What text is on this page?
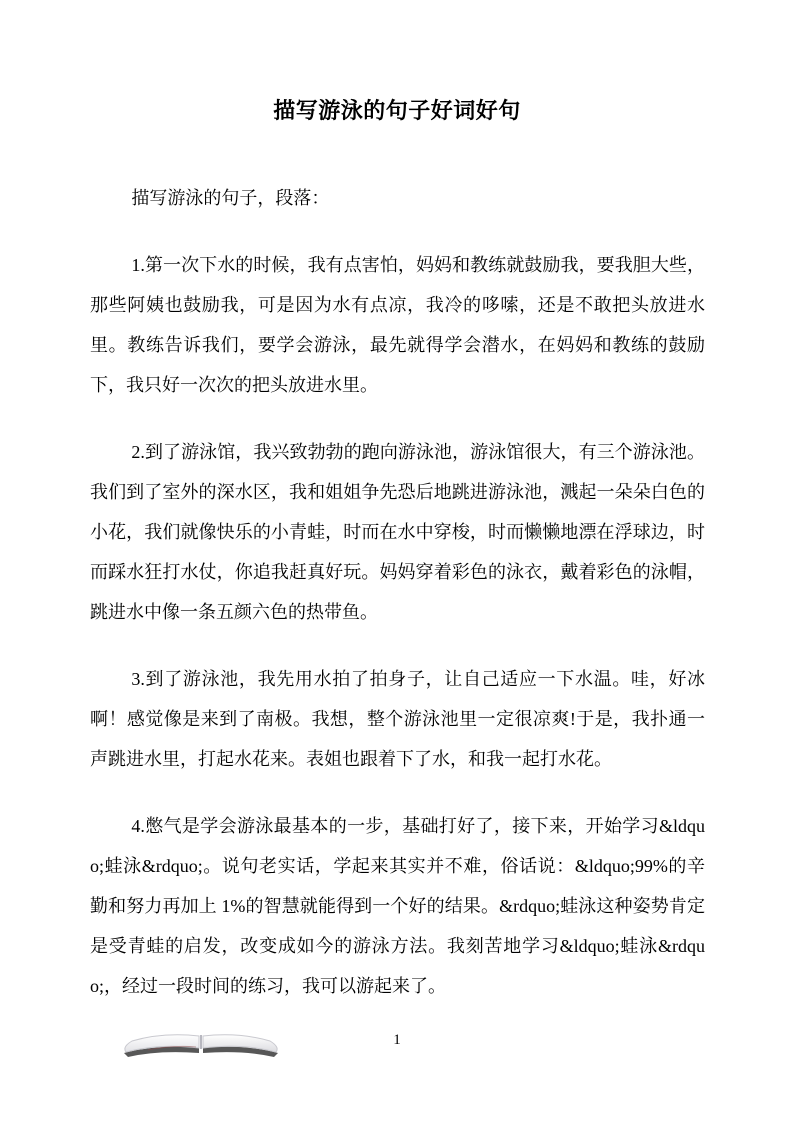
描写游泳的句子好词好句

描写游泳的句子，段落：

1.第一次下水的时候，我有点害怕，妈妈和教练就鼓励我，要我胆大些，那些阿姨也鼓励我，可是因为水有点凉，我冷的哆嗦，还是不敢把头放进水里。教练告诉我们，要学会游泳，最先就得学会潜水，在妈妈和教练的鼓励下，我只好一次次的把头放进水里。

2.到了游泳馆，我兴致勃勃的跑向游泳池，游泳馆很大，有三个游泳池。我们到了室外的深水区，我和姐姐争先恐后地跳进游泳池，溅起一朵朵白色的小花，我们就像快乐的小青蛙，时而在水中穿梭，时而懒懒地漂在浮球边，时而踩水狂打水仗，你追我赶真好玩。妈妈穿着彩色的泳衣，戴着彩色的泳帽，跳进水中像一条五颜六色的热带鱼。

3.到了游泳池，我先用水拍了拍身子，让自己适应一下水温。哇，好冰啊！感觉像是来到了南极。我想，整个游泳池里一定很凉爽!于是，我扑通一声跳进水里，打起水花来。表姐也跟着下了水，和我一起打水花。

4.憋气是学会游泳最基本的一步，基础打好了，接下来，开始学习&ldquo;蛙泳&rdquo;。说句老实话，学起来其实并不难，俗话说：&ldquo;99%的辛勤和努力再加上 1%的智慧就能得到一个好的结果。&rdquo;蛙泳这种姿势肯定是受青蛙的启发，改变成如今的游泳方法。我刻苦地学习&ldquo;蛙泳&rdquo;，经过一段时间的练习，我可以游起来了。

1
